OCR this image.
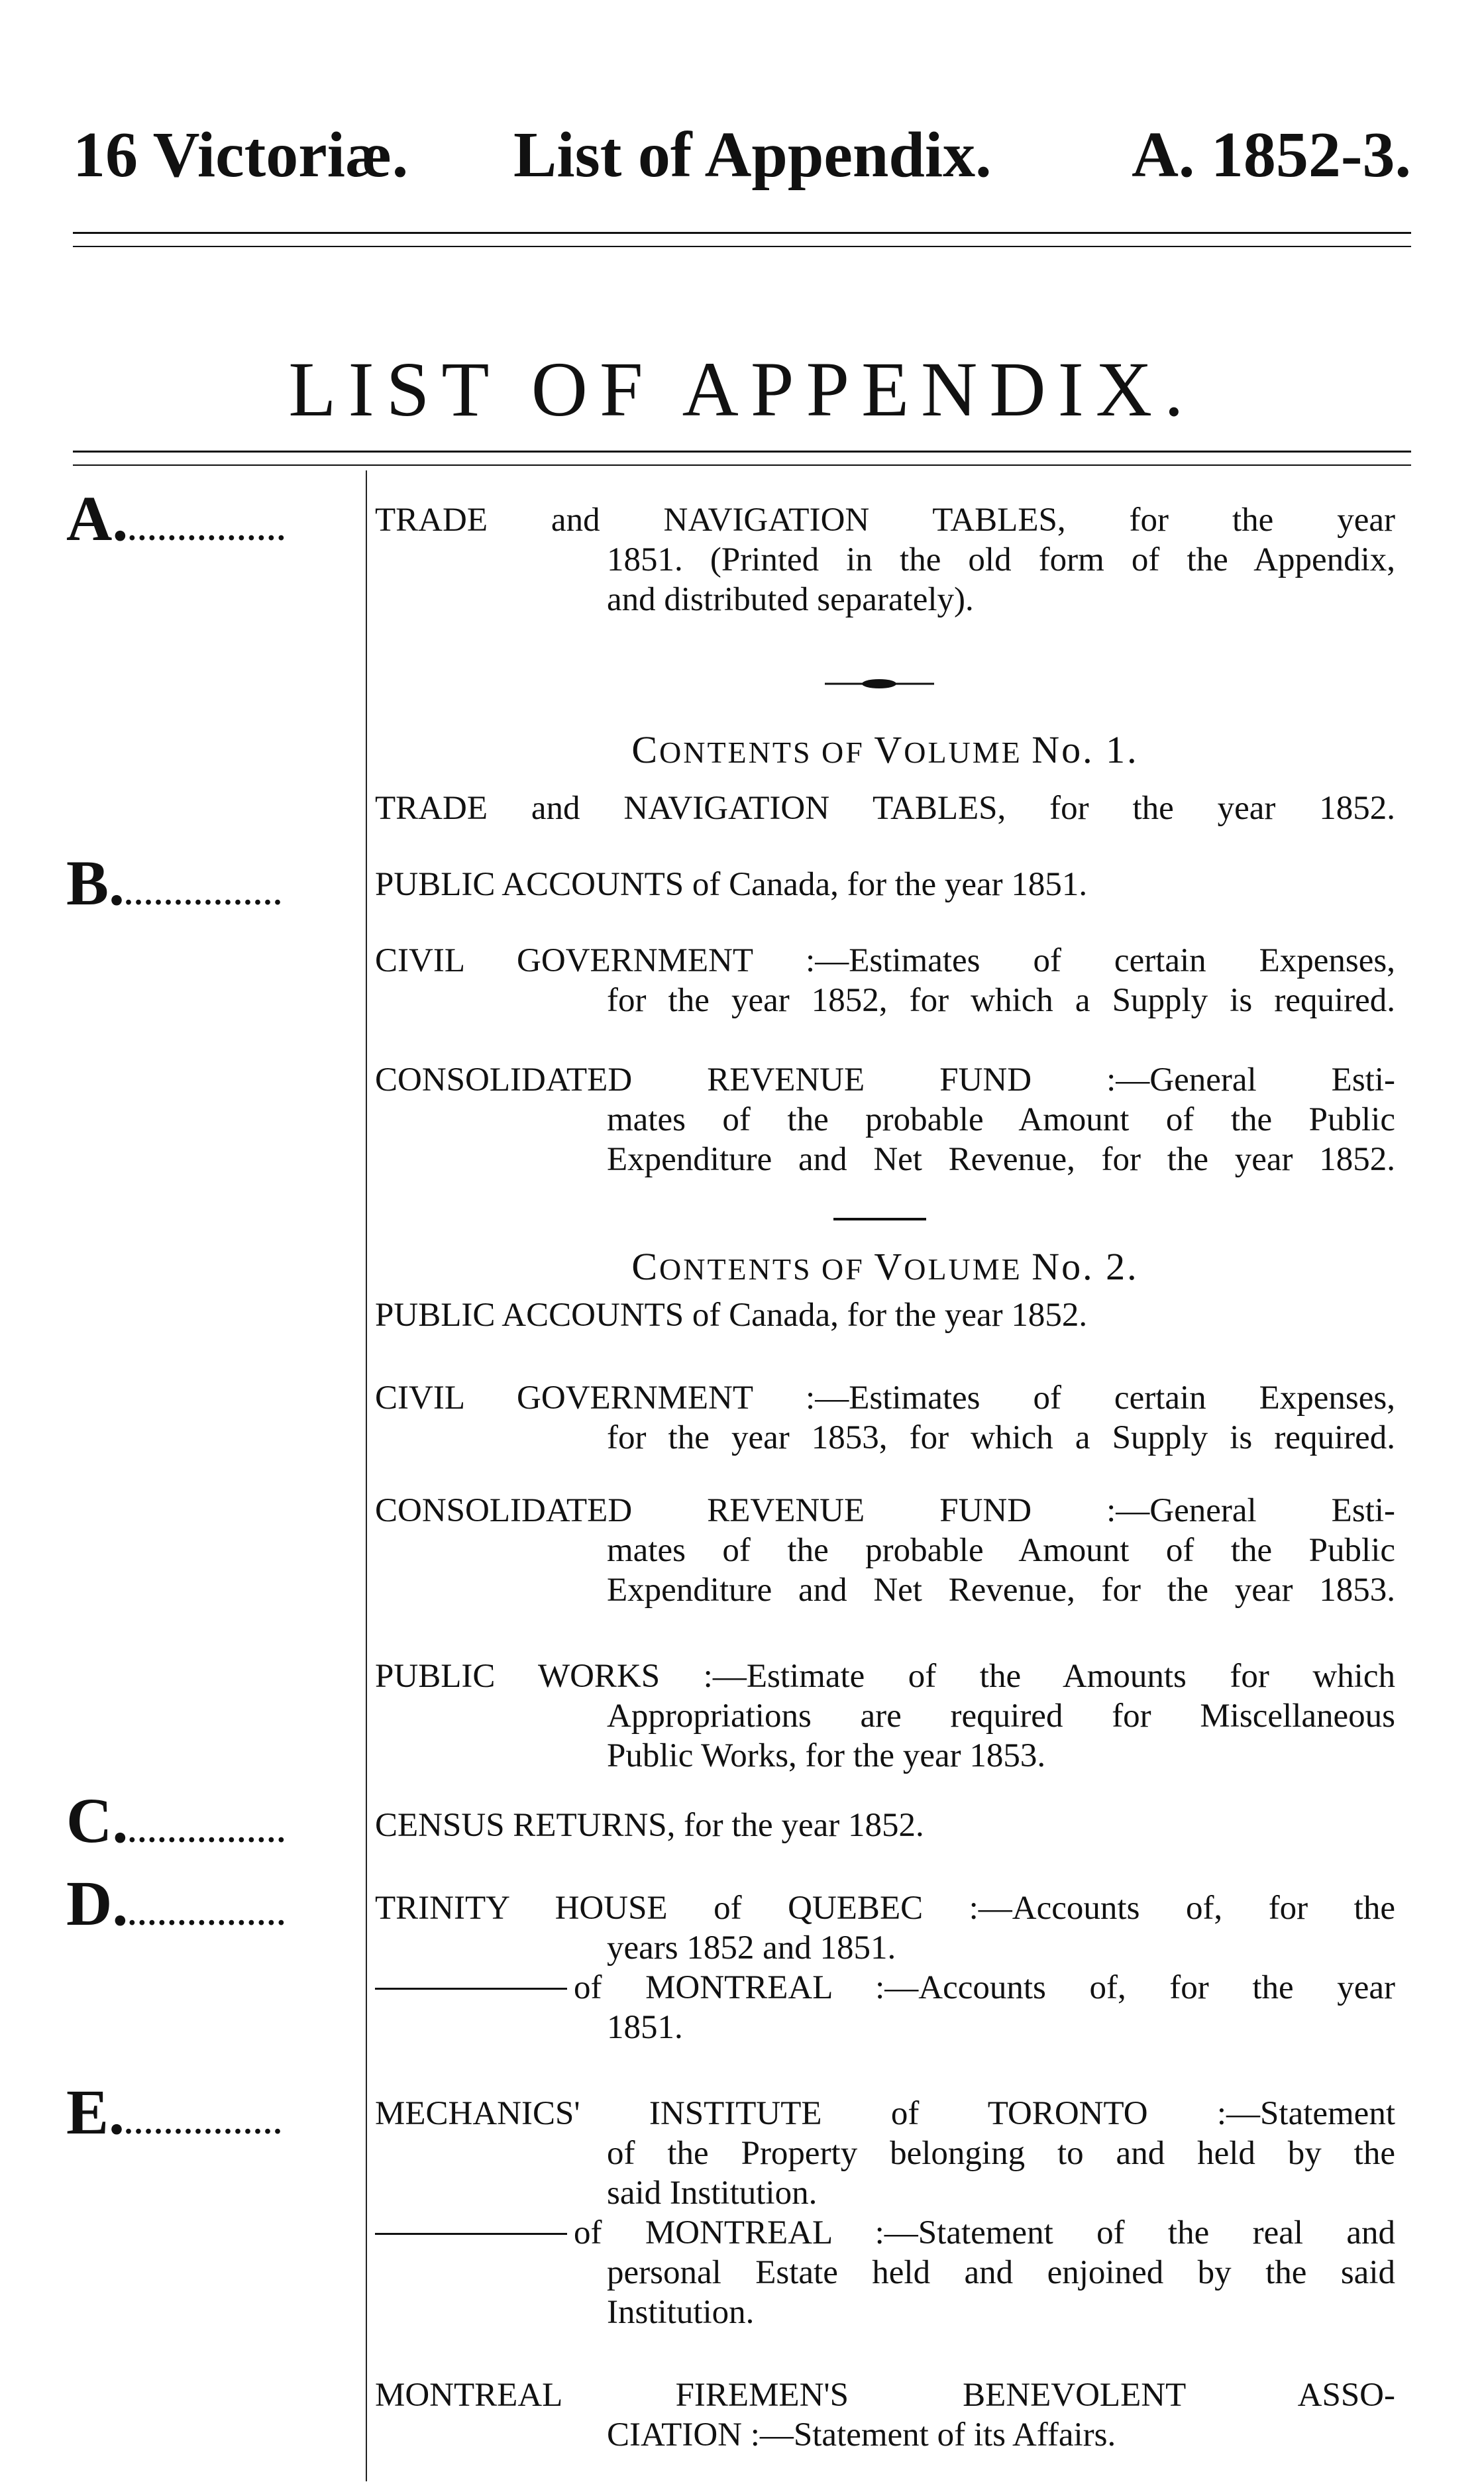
16 Victoriæ. List of Appendix. A. 1852-3.
LIST OF APPENDIX.
A.................
B.................
C.................
D.................
E.................
TRADE and NAVIGATION TABLES, for the year
1851. (Printed in the old form of the Appendix,
and distributed separately).
CONTENTS OF VOLUME No. 1.
TRADE and NAVIGATION TABLES, for the year 1852.
PUBLIC ACCOUNTS of Canada, for the year 1851.
CIVIL GOVERNMENT :—Estimates of certain Expenses,
for the year 1852, for which a Supply is required.
CONSOLIDATED REVENUE FUND :—General Esti-
mates of the probable Amount of the Public
Expenditure and Net Revenue, for the year 1852.
CONTENTS OF VOLUME No. 2.
PUBLIC ACCOUNTS of Canada, for the year 1852.
CIVIL GOVERNMENT :—Estimates of certain Expenses,
for the year 1853, for which a Supply is required.
CONSOLIDATED REVENUE FUND :—General Esti-
mates of the probable Amount of the Public
Expenditure and Net Revenue, for the year 1853.
PUBLIC WORKS :—Estimate of the Amounts for which
Appropriations are required for Miscellaneous
Public Works, for the year 1853.
CENSUS RETURNS, for the year 1852.
TRINITY HOUSE of QUEBEC :—Accounts of, for the
years 1852 and 1851.
of MONTREAL :—Accounts of, for the year
1851.
MECHANICS' INSTITUTE of TORONTO :—Statement
of the Property belonging to and held by the
said Institution.
of MONTREAL :—Statement of the real and
personal Estate held and enjoined by the said
Institution.
MONTREAL FIREMEN'S BENEVOLENT ASSO-
CIATION :—Statement of its Affairs.
